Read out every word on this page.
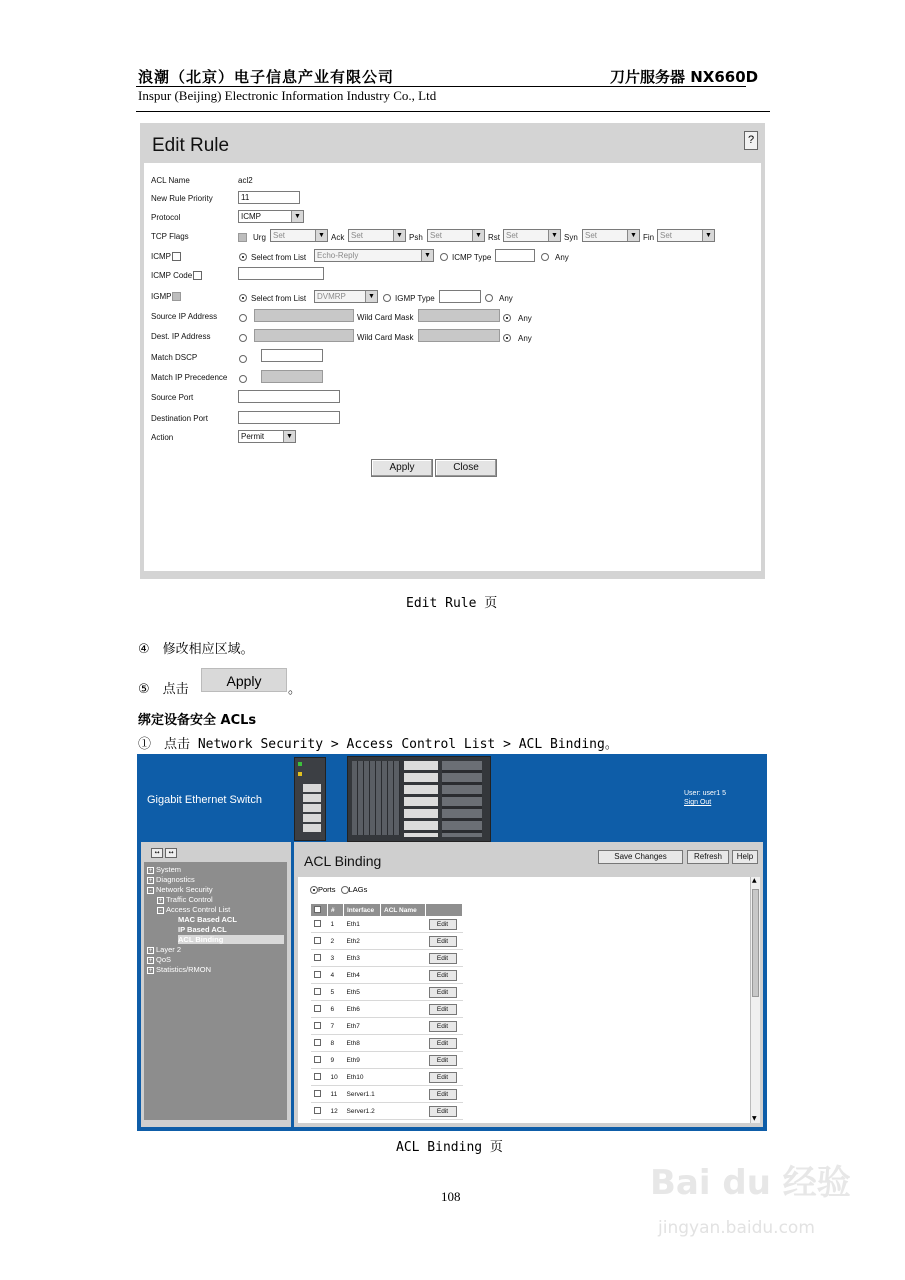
浪潮（北京）电子信息产业有限公司	刀片服务器 NX660D
Inspur (Beijing) Electronic Information Industry Co., Ltd
Edit Rule	?
ACL Name	acl2
New Rule Priority	11
Protocol	ICMP	▼
TCP Flags	Urg Set	▼ Ack Set	▼ Psh Set	▼ Rst Set	▼ Syn Set	▼ Fin Set	▼
ICMP	Select from List	Echo-Reply	▼	ICMP Type	Any
ICMP Code
IGMP	Select from List	DVMRP	▼	IGMP Type	Any
Source IP Address	Wild Card Mask	Any
Dest. IP Address	Wild Card Mask	Any
Match DSCP
Match IP Precedence
Source Port
Destination Port
Action	Permit	▼
Apply	Close
Edit Rule 页
④　修改相应区域。
⑤　点击
Apply
。
绑定设备安全 ACLs
①　点击 Network Security > Access Control List > ACL Binding。
Gigabit Ethernet Switch
User: user1 5
Sign Out
↔	↔
+ System
+ Diagnostics
- Network Security
+ Traffic Control
- Access Control List
MAC Based ACL
IP Based ACL
ACL Binding
+ Layer 2
+ QoS
+ Statistics/RMON
ACL Binding	Save Changes	Refresh	Help
Ports LAGs
	#	Interface	ACL Name	
	1	Eth1		Edit
	2	Eth2		Edit
	3	Eth3		Edit
	4	Eth4		Edit
	5	Eth5		Edit
	6	Eth6		Edit
	7	Eth7		Edit
	8	Eth8		Edit
	9	Eth9		Edit
	10	Eth10		Edit
	11	Server1.1		Edit
	12	Server1.2		Edit
▲
▼
ACL Binding 页
108	Bai du 经验
jingyan.baidu.com
